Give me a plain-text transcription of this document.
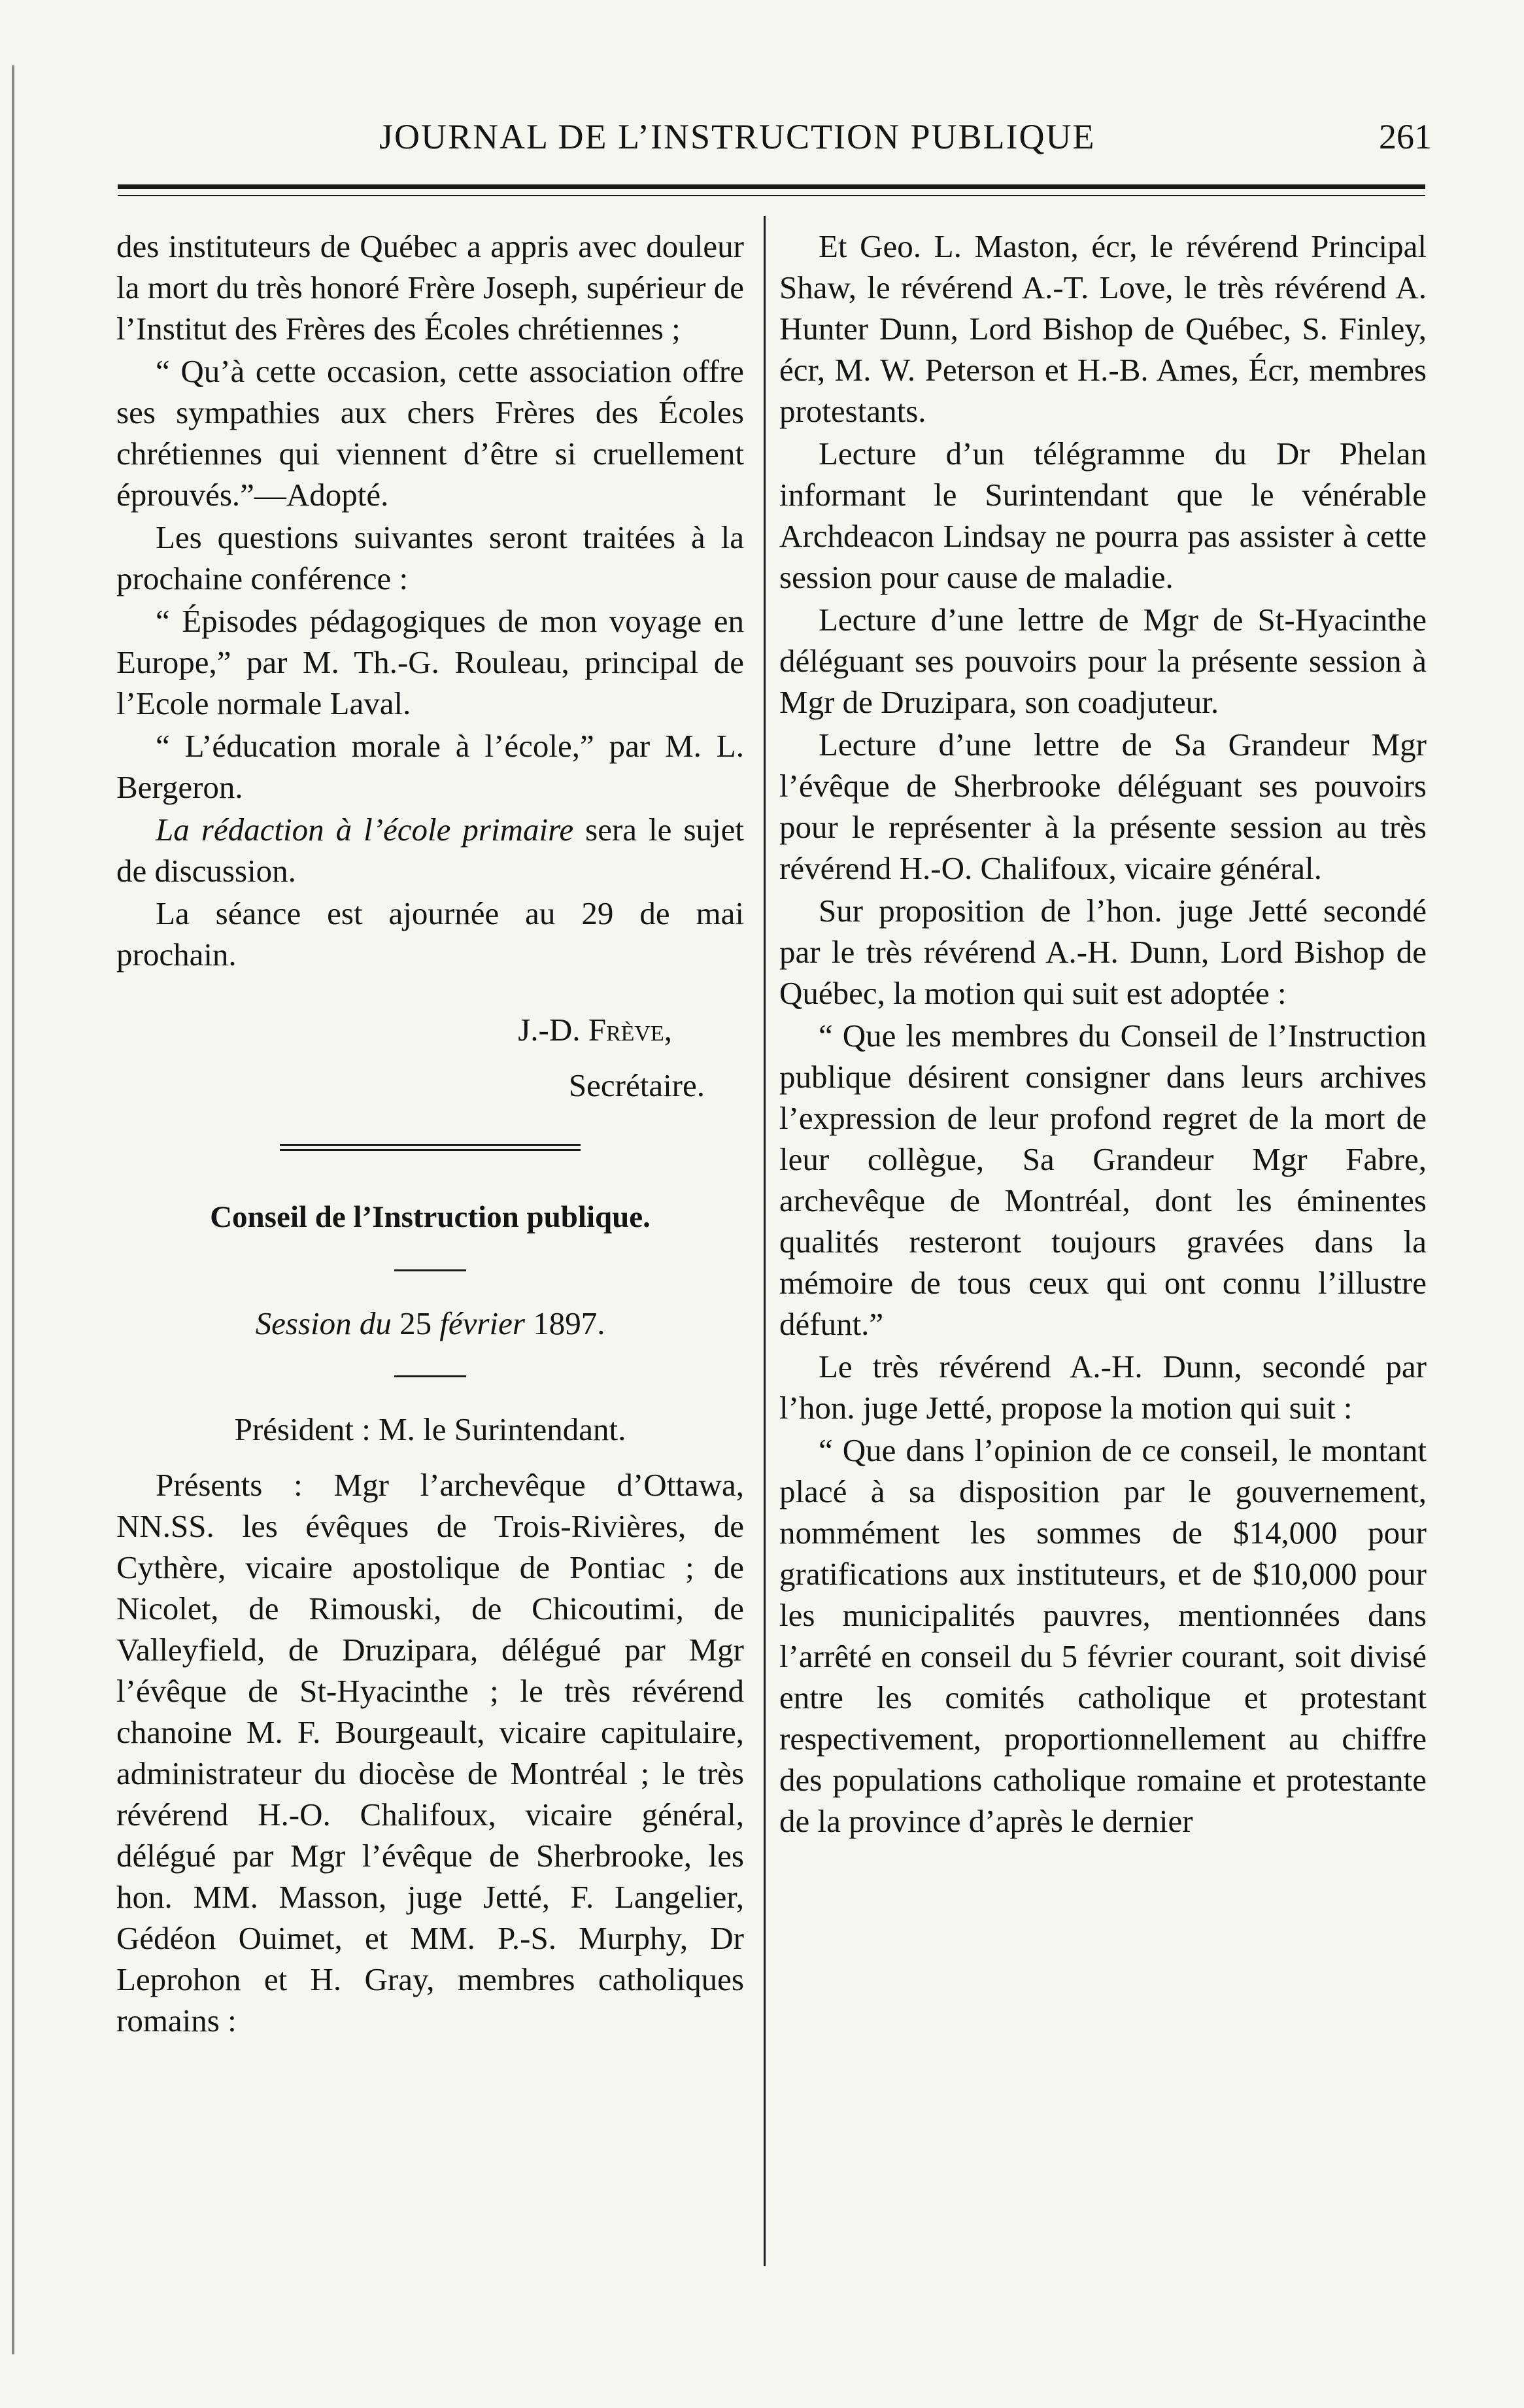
JOURNAL DE L’INSTRUCTION PUBLIQUE	261

des instituteurs de Québec a appris avec douleur la mort du très honoré Frère Joseph, supérieur de l’Institut des Frères des Écoles chrétiennes ;

“ Qu’à cette occasion, cette association offre ses sympathies aux chers Frères des Écoles chrétiennes qui viennent d’être si cruellement éprouvés.”—Adopté.

Les questions suivantes seront traitées à la prochaine conférence :

“ Épisodes pédagogiques de mon voyage en Europe,” par M. Th.-G. Rouleau, principal de l’Ecole normale Laval.

“ L’éducation morale à l’école,” par M. L. Bergeron.

La rédaction à l’école primaire sera le sujet de discussion.

La séance est ajournée au 29 de mai prochain.

J.-D. Frève,

Secrétaire.

Conseil de l’Instruction publique.

Session du 25 février 1897.

Président : M. le Surintendant.

Présents : Mgr l’archevêque d’Ottawa, NN.SS. les évêques de Trois-Rivières, de Cythère, vicaire apostolique de Pontiac ; de Nicolet, de Rimouski, de Chicoutimi, de Valleyfield, de Druzipara, délégué par Mgr l’évêque de St-Hyacinthe ; le très révérend chanoine M. F. Bourgeault, vicaire capitulaire, administrateur du diocèse de Montréal ; le très révérend H.-O. Chalifoux, vicaire général, délégué par Mgr l’évêque de Sherbrooke, les hon. MM. Masson, juge Jetté, F. Langelier, Gédéon Ouimet, et MM. P.-S. Murphy, Dr Leprohon et H. Gray, membres catholiques romains :

Et Geo. L. Maston, écr, le révérend Principal Shaw, le révérend A.-T. Love, le très révérend A. Hunter Dunn, Lord Bishop de Québec, S. Finley, écr, M. W. Peterson et H.-B. Ames, Écr, membres protestants.

Lecture d’un télégramme du Dr Phelan informant le Surintendant que le vénérable Archdeacon Lindsay ne pourra pas assister à cette session pour cause de maladie.

Lecture d’une lettre de Mgr de St-Hyacinthe déléguant ses pouvoirs pour la présente session à Mgr de Druzipara, son coadjuteur.

Lecture d’une lettre de Sa Grandeur Mgr l’évêque de Sherbrooke déléguant ses pouvoirs pour le représenter à la présente session au très révérend H.-O. Chalifoux, vicaire général.

Sur proposition de l’hon. juge Jetté secondé par le très révérend A.-H. Dunn, Lord Bishop de Québec, la motion qui suit est adoptée :

“ Que les membres du Conseil de l’Instruction publique désirent consigner dans leurs archives l’expression de leur profond regret de la mort de leur collègue, Sa Grandeur Mgr Fabre, archevêque de Montréal, dont les éminentes qualités resteront toujours gravées dans la mémoire de tous ceux qui ont connu l’illustre défunt.”

Le très révérend A.-H. Dunn, secondé par l’hon. juge Jetté, propose la motion qui suit :

“ Que dans l’opinion de ce conseil, le montant placé à sa disposition par le gouvernement, nommément les sommes de $14,000 pour gratifications aux instituteurs, et de $10,000 pour les municipalités pauvres, mentionnées dans l’arrêté en conseil du 5 février courant, soit divisé entre les comités catholique et protestant respectivement, proportionnellement au chiffre des populations catholique romaine et protestante de la province d’après le dernier
